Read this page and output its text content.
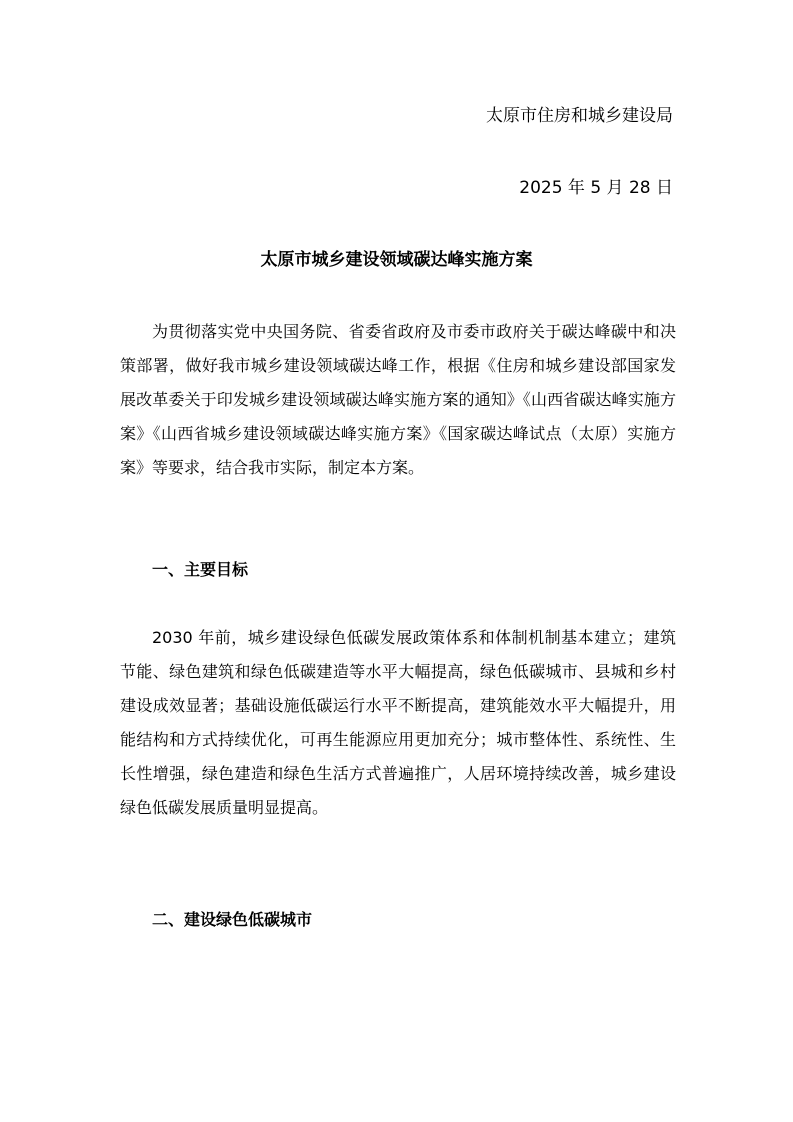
太原市住房和城乡建设局
2025 年 5 月 28 日
太原市城乡建设领域碳达峰实施方案

为贯彻落实党中央国务院、省委省政府及市委市政府关于碳达峰碳中和决策部署，做好我市城乡建设领域碳达峰工作，根据《住房和城乡建设部国家发展改革委关于印发城乡建设领域碳达峰实施方案的通知》《山西省碳达峰实施方案》《山西省城乡建设领域碳达峰实施方案》《国家碳达峰试点（太原）实施方案》等要求，结合我市实际，制定本方案。

一、主要目标

2030 年前，城乡建设绿色低碳发展政策体系和体制机制基本建立；建筑节能、绿色建筑和绿色低碳建造等水平大幅提高，绿色低碳城市、县城和乡村建设成效显著；基础设施低碳运行水平不断提高，建筑能效水平大幅提升，用能结构和方式持续优化，可再生能源应用更加充分；城市整体性、系统性、生长性增强，绿色建造和绿色生活方式普遍推广，人居环境持续改善，城乡建设绿色低碳发展质量明显提高。

二、建设绿色低碳城市
